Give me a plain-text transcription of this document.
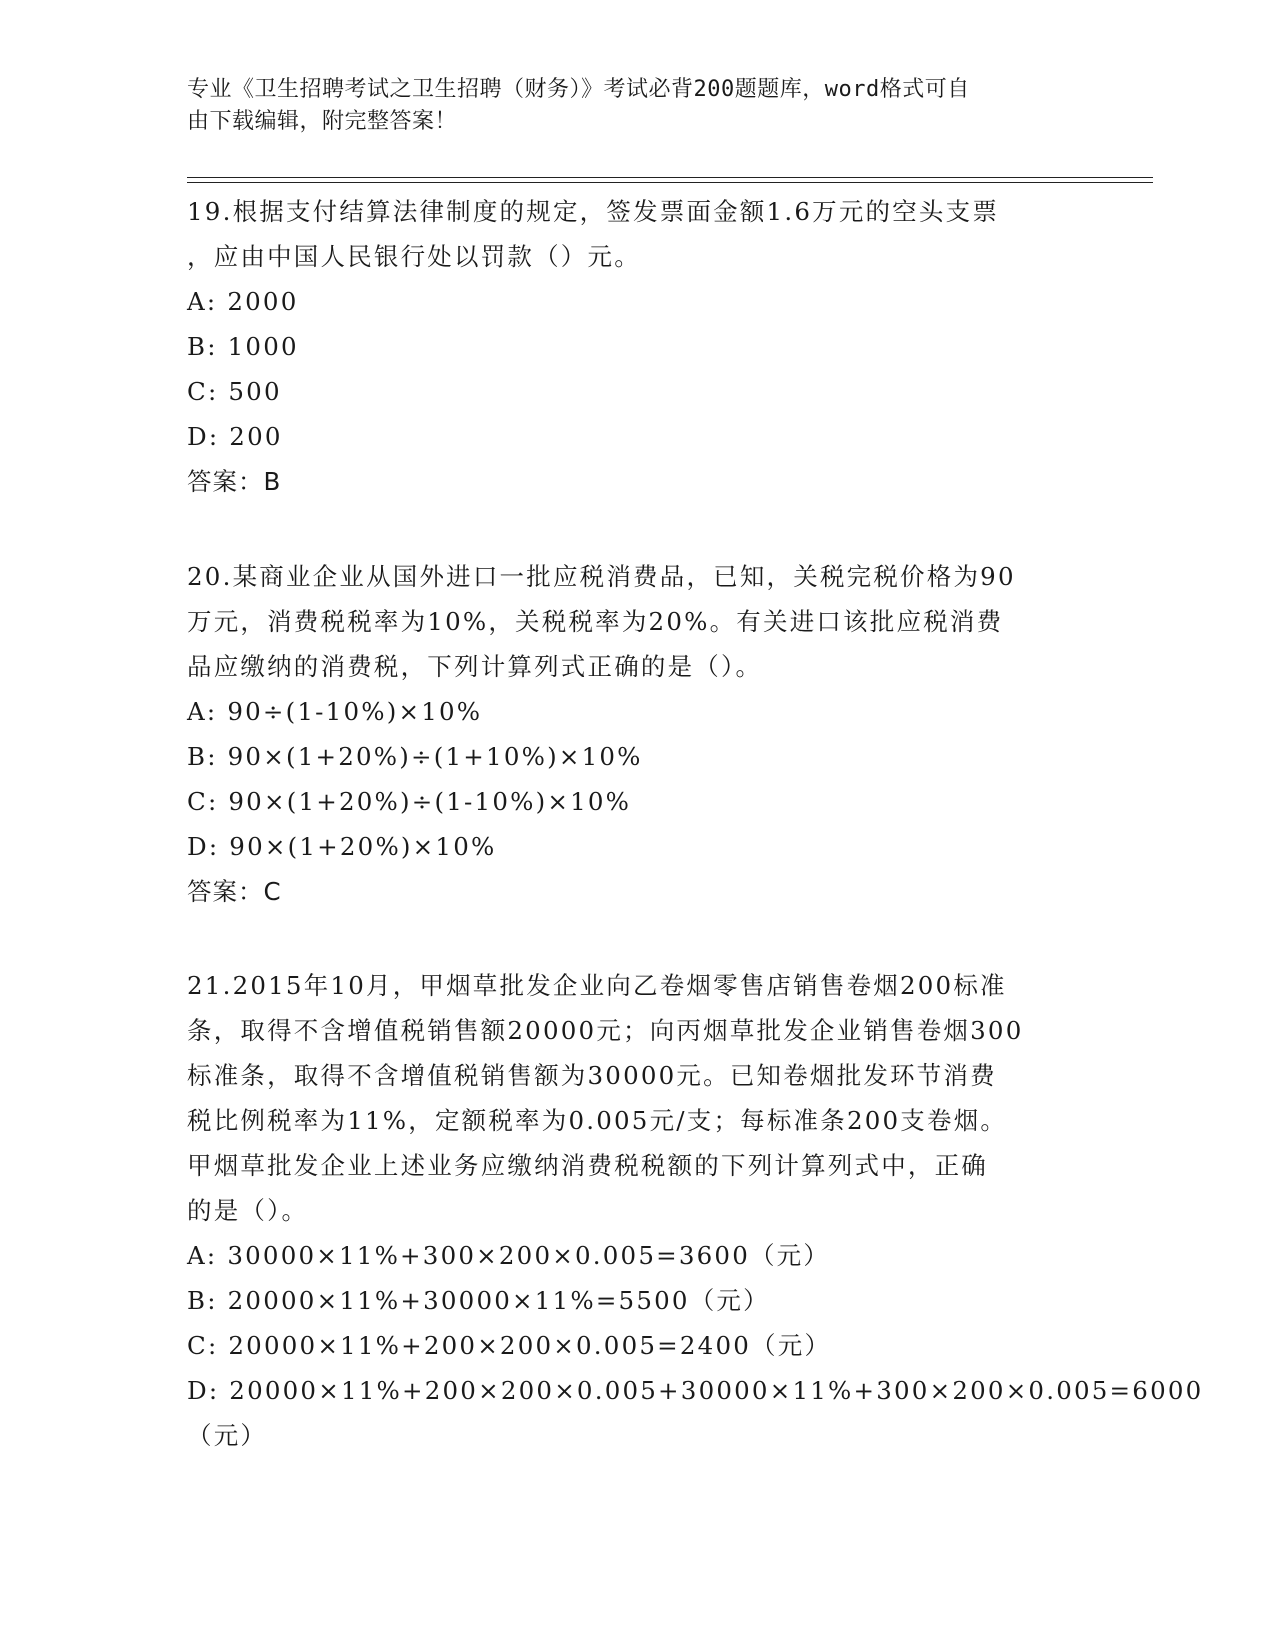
专业《卫生招聘考试之卫生招聘（财务）》考试必背200题题库，word格式可自
由下载编辑，附完整答案！
19.根据支付结算法律制度的规定，签发票面金额1.6万元的空头支票
，应由中国人民银行处以罚款（）元。
A: 2000
B: 1000
C: 500
D: 200
答案：B
20.某商业企业从国外进口一批应税消费品，已知，关税完税价格为90
万元，消费税税率为10%，关税税率为20%。有关进口该批应税消费
品应缴纳的消费税，下列计算列式正确的是（）。
A: 90÷(1-10%)×10%
B: 90×(1+20%)÷(1+10%)×10%
C: 90×(1+20%)÷(1-10%)×10%
D: 90×(1+20%)×10%
答案：C
21.2015年10月，甲烟草批发企业向乙卷烟零售店销售卷烟200标准
条，取得不含增值税销售额20000元；向丙烟草批发企业销售卷烟300
标准条，取得不含增值税销售额为30000元。已知卷烟批发环节消费
税比例税率为11%，定额税率为0.005元/支；每标准条200支卷烟。
甲烟草批发企业上述业务应缴纳消费税税额的下列计算列式中，正确
的是（）。
A: 30000×11%+300×200×0.005=3600（元）
B: 20000×11%+30000×11%=5500（元）
C: 20000×11%+200×200×0.005=2400（元）
D: 20000×11%+200×200×0.005+30000×11%+300×200×0.005=6000
（元）
